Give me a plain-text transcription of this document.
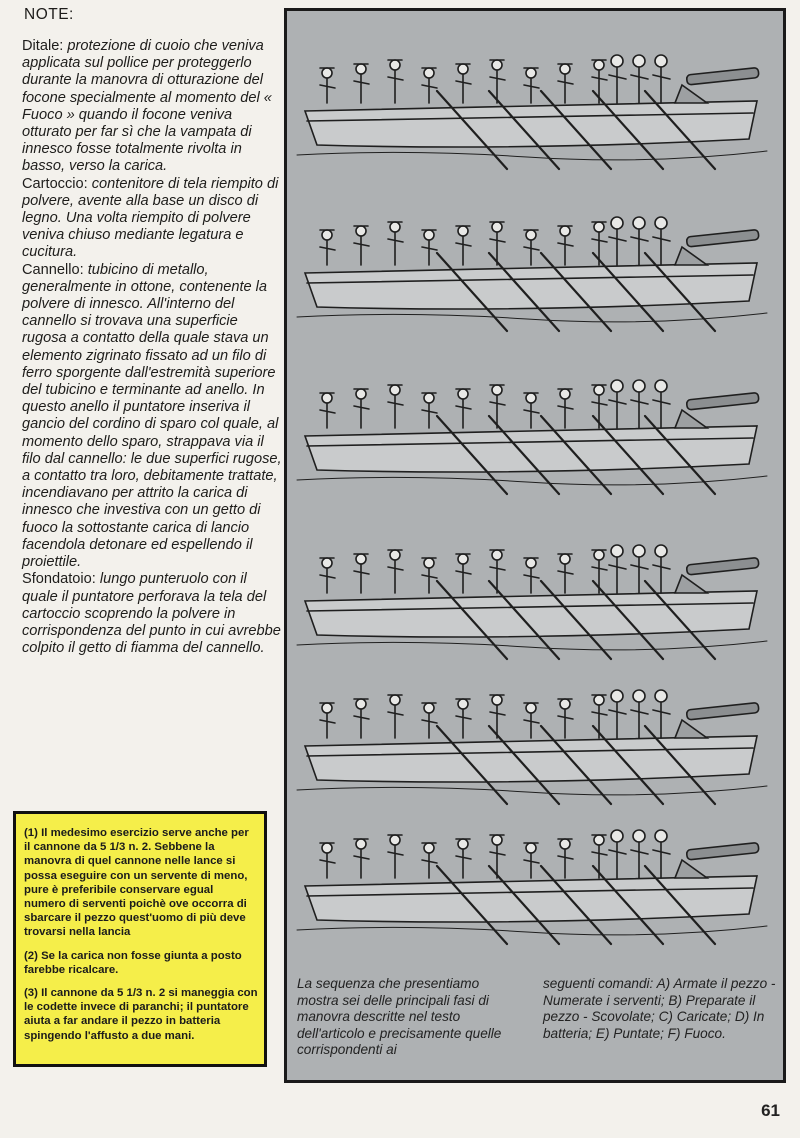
NOTE:

Ditale: protezione di cuoio che veniva applicata sul pollice per proteggerlo durante la manovra di otturazione del focone specialmente al momento del « Fuoco » quando il focone veniva otturato per far sì che la vampata di innesco fosse totalmente rivolta in basso, verso la carica.

Cartoccio: contenitore di tela riempito di polvere, avente alla base un disco di legno. Una volta riempito di polvere veniva chiuso mediante legatura e cucitura.

Cannello: tubicino di metallo, generalmente in ottone, contenente la polvere di innesco. All'interno del cannello si trovava una superficie rugosa a contatto della quale stava un elemento zigrinato fissato ad un filo di ferro sporgente dall'estremità superiore del tubicino e terminante ad anello. In questo anello il puntatore inseriva il gancio del cordino di sparo col quale, al momento dello sparo, strappava via il filo dal cannello: le due superfici rugose, a contatto tra loro, debitamente trattate, incendiavano per attrito la carica di innesco che investiva con un getto di fuoco la sottostante carica di lancio facendola detonare ed espellendo il proiettile.

Sfondatoio: lungo punteruolo con il quale il puntatore perforava la tela del cartoccio scoprendo la polvere in corrispondenza del punto in cui avrebbe colpito il getto di fiamma del cannello.

(1) Il medesimo esercizio serve anche per il cannone da 5 1/3 n. 2. Sebbene la manovra di quel cannone nelle lance si possa eseguire con un servente di meno, pure è preferibile conservare egual numero di serventi poichè ove occorra di sbarcare il pezzo quest'uomo di più deve trovarsi nella lancia

(2) Se la carica non fosse giunta a posto farebbe ricalcare.

(3) Il cannone da 5 1/3 n. 2 si maneggia con le codette invece di paranchi; il puntatore aiuta a far andare il pezzo in batteria spingendo l'affusto a due mani.

La sequenza che presentiamo mostra sei delle principali fasi di manovra descritte nel testo dell'articolo e precisamente quelle corrispondenti ai
seguenti comandi: A) Armate il pezzo - Numerate i serventi; B) Preparate il pezzo - Scovolate; C) Caricate; D) In batteria; E) Puntate; F) Fuoco.
61
